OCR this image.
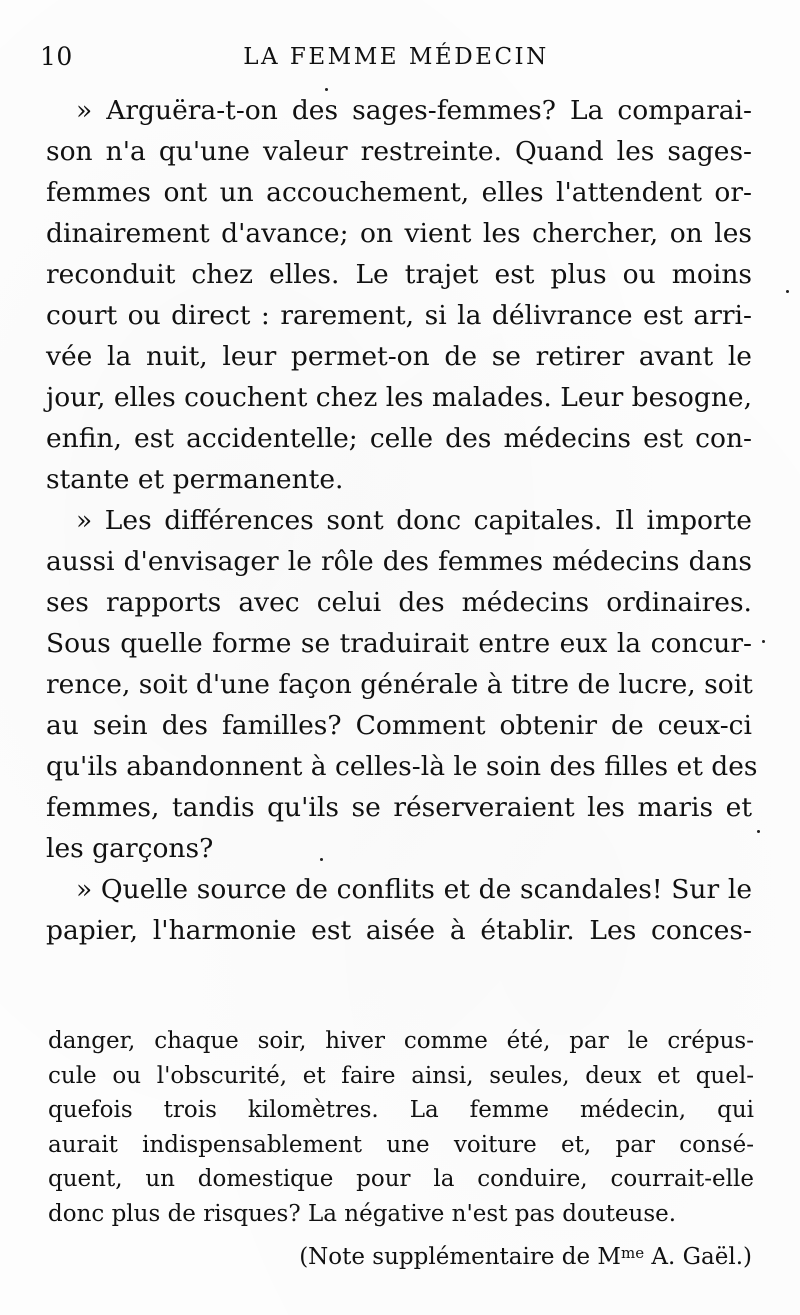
10	LA FEMME MÉDECIN

» Arguëra-t-on des sages-femmes? La comparai-
son n'a qu'une valeur restreinte. Quand les sages-
femmes ont un accouchement, elles l'attendent or-
dinairement d'avance; on vient les chercher, on les
reconduit chez elles. Le trajet est plus ou moins
court ou direct : rarement, si la délivrance est arri-
vée la nuit, leur permet-on de se retirer avant le
jour, elles couchent chez les malades. Leur besogne,
enfin, est accidentelle; celle des médecins est con-
stante et permanente.

» Les différences sont donc capitales. Il importe
aussi d'envisager le rôle des femmes médecins dans
ses rapports avec celui des médecins ordinaires.
Sous quelle forme se traduirait entre eux la concur-
rence, soit d'une façon générale à titre de lucre, soit
au sein des familles? Comment obtenir de ceux-ci
qu'ils abandonnent à celles-là le soin des filles et des
femmes, tandis qu'ils se réserveraient les maris et
les garçons?

» Quelle source de conflits et de scandales! Sur le
papier, l'harmonie est aisée à établir. Les conces-

danger, chaque soir, hiver comme été, par le crépus-
cule ou l'obscurité, et faire ainsi, seules, deux et quel-
quefois trois kilomètres. La femme médecin, qui
aurait indispensablement une voiture et, par consé-
quent, un domestique pour la conduire, courrait-elle
donc plus de risques? La négative n'est pas douteuse.
(Note supplémentaire de $M^{me}$ A. Gaël.)
